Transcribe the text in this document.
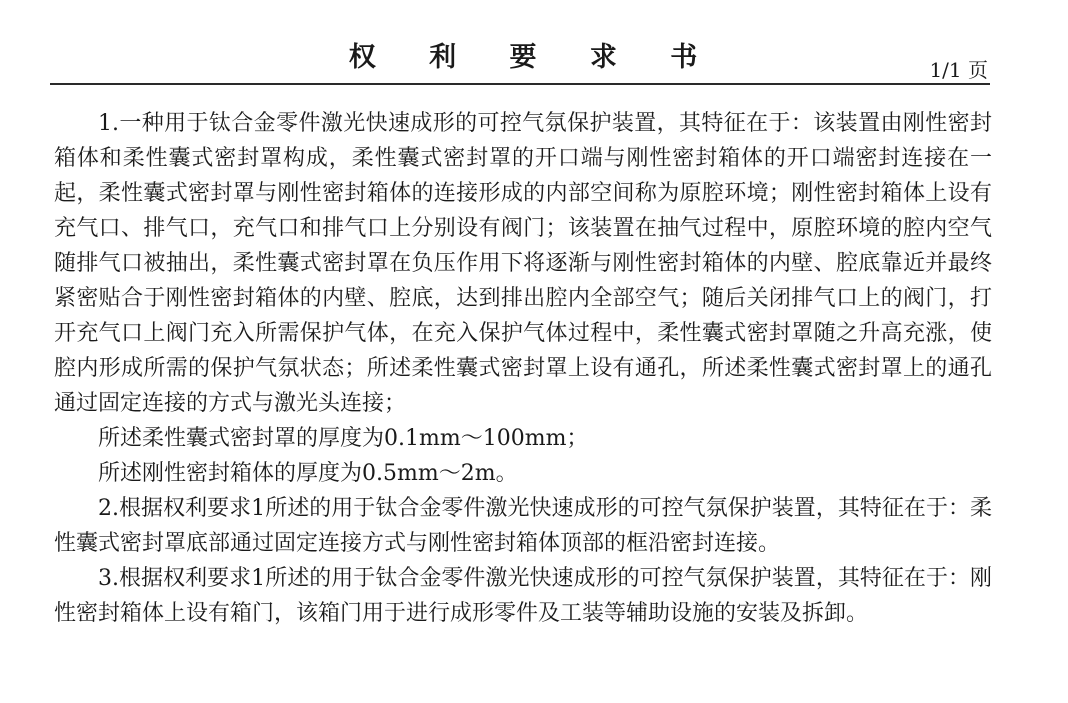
权 利 要 求 书	1/1 页

1.一种用于钛合金零件激光快速成形的可控气氛保护装置，其特征在于：该装置由刚性密封箱体和柔性囊式密封罩构成，柔性囊式密封罩的开口端与刚性密封箱体的开口端密封连接在一起，柔性囊式密封罩与刚性密封箱体的连接形成的内部空间称为原腔环境；刚性密封箱体上设有充气口、排气口，充气口和排气口上分别设有阀门；该装置在抽气过程中，原腔环境的腔内空气随排气口被抽出，柔性囊式密封罩在负压作用下将逐渐与刚性密封箱体的内壁、腔底靠近并最终紧密贴合于刚性密封箱体的内壁、腔底，达到排出腔内全部空气；随后关闭排气口上的阀门，打开充气口上阀门充入所需保护气体，在充入保护气体过程中，柔性囊式密封罩随之升高充涨，使腔内形成所需的保护气氛状态；所述柔性囊式密封罩上设有通孔，所述柔性囊式密封罩上的通孔通过固定连接的方式与激光头连接；

所述柔性囊式密封罩的厚度为0.1mm～100mm；

所述刚性密封箱体的厚度为0.5mm～2m。

2.根据权利要求1所述的用于钛合金零件激光快速成形的可控气氛保护装置，其特征在于：柔性囊式密封罩底部通过固定连接方式与刚性密封箱体顶部的框沿密封连接。

3.根据权利要求1所述的用于钛合金零件激光快速成形的可控气氛保护装置，其特征在于：刚性密封箱体上设有箱门，该箱门用于进行成形零件及工装等辅助设施的安装及拆卸。
